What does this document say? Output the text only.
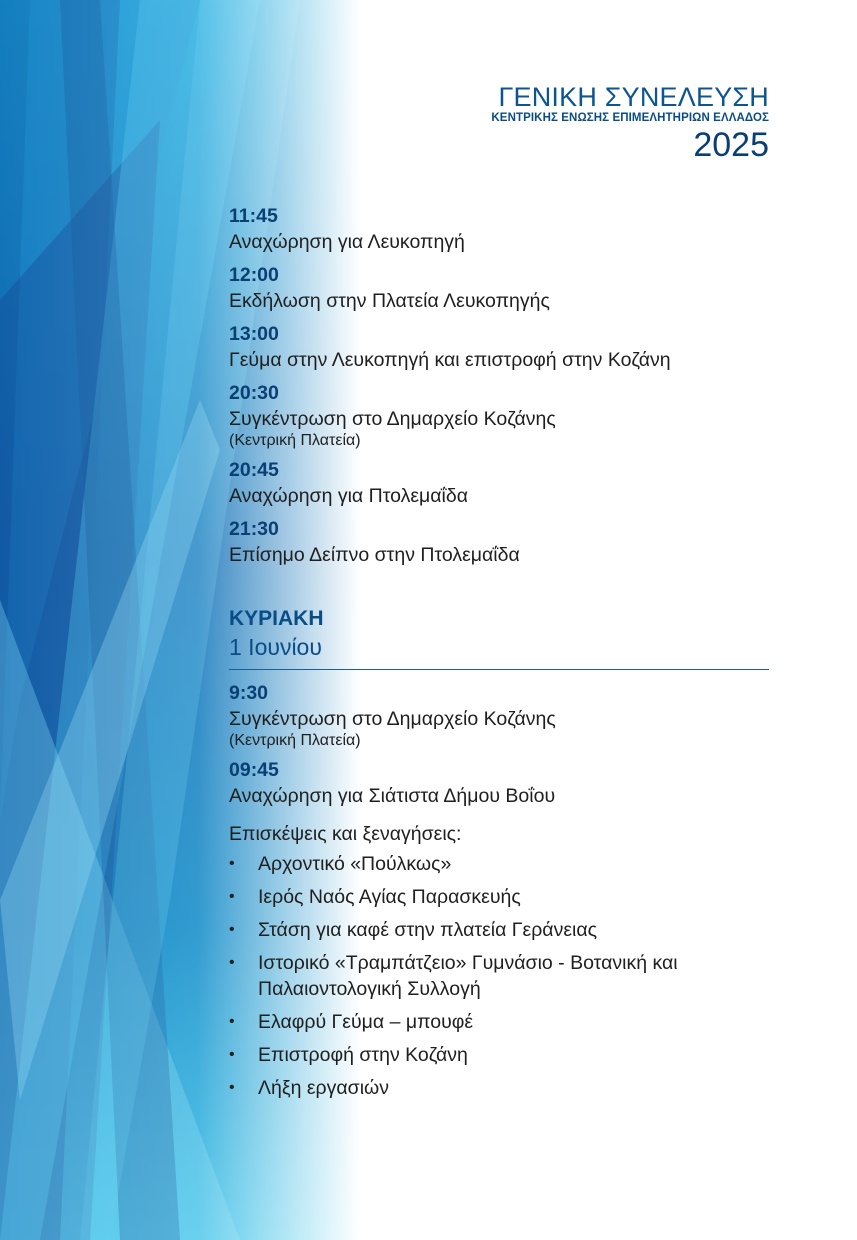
ΓΕΝΙΚΗ ΣΥΝΕΛΕΥΣΗ
ΚΕΝΤΡΙΚΗΣ ΕΝΩΣΗΣ ΕΠΙΜΕΛΗΤΗΡΙΩΝ ΕΛΛΑΔΟΣ
2025
11:45
Αναχώρηση για Λευκοπηγή
12:00
Εκδήλωση στην Πλατεία Λευκοπηγής
13:00
Γεύμα στην Λευκοπηγή και επιστροφή στην Κοζάνη
20:30
Συγκέντρωση στο Δημαρχείο Κοζάνης
(Κεντρική Πλατεία)
20:45
Αναχώρηση για Πτολεμαΐδα
21:30
Επίσημο Δείπνο στην Πτολεμαΐδα
ΚΥΡΙΑΚΗ
1 Ιουνίου
9:30
Συγκέντρωση στο Δημαρχείο Κοζάνης
(Κεντρική Πλατεία)
09:45
Αναχώρηση για Σιάτιστα Δήμου Βοΐου
Επισκέψεις και ξεναγήσεις:
• Αρχοντικό «Πούλκως»
• Ιερός Ναός Αγίας Παρασκευής
• Στάση για καφέ στην πλατεία Γεράνειας
• Ιστορικό «Τραμπάτζειο» Γυμνάσιο - Βοτανική και Παλαιοντολογική Συλλογή
• Ελαφρύ Γεύμα – μπουφέ
• Επιστροφή στην Κοζάνη
• Λήξη εργασιών
